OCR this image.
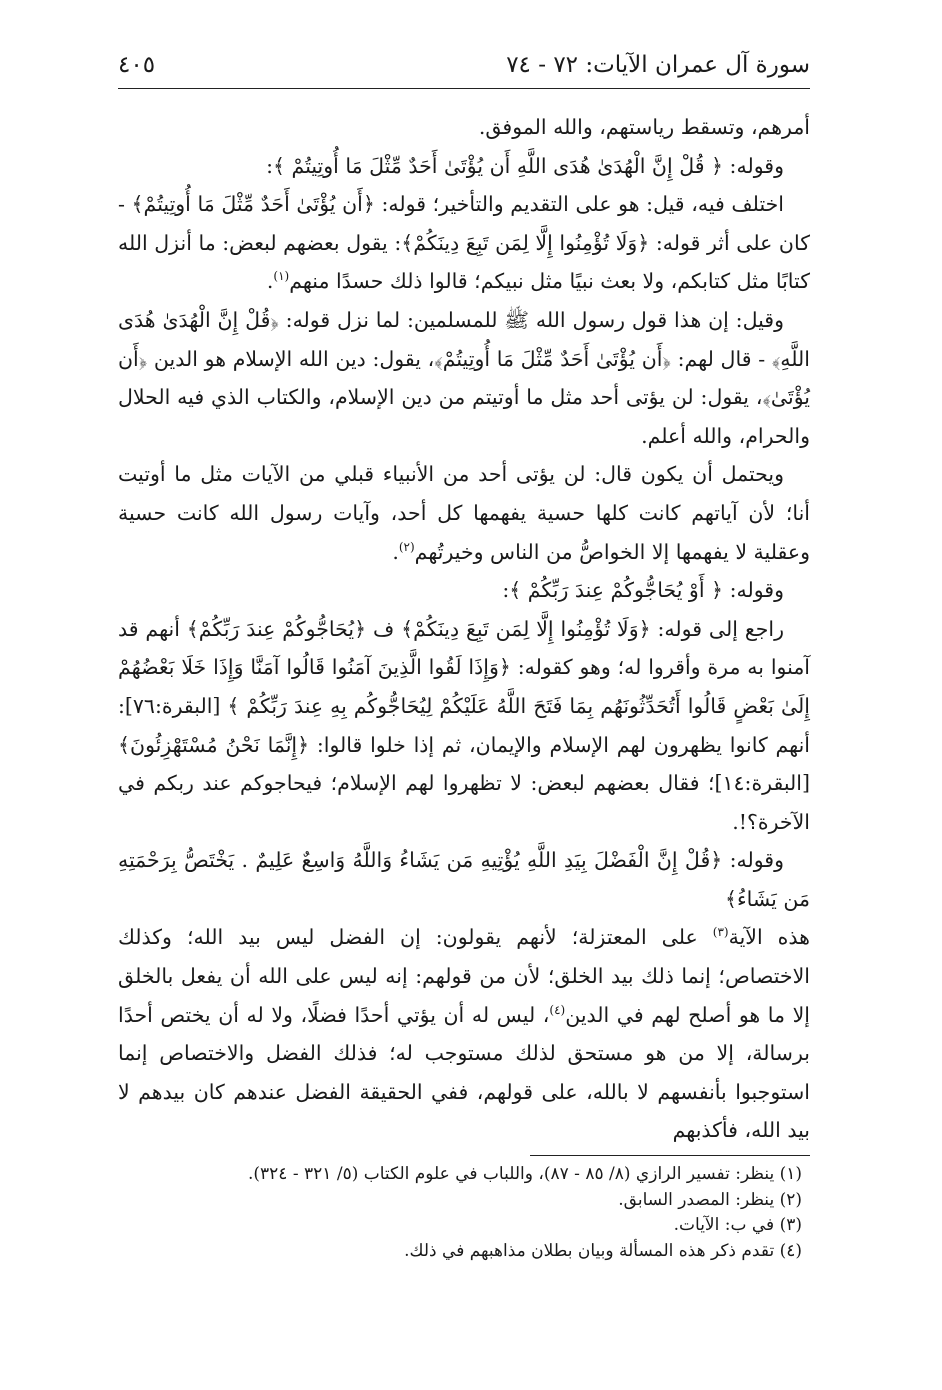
سورة آل عمران الآيات: ٧٢ - ٧٤
٤٠٥

أمرهم، وتسقط رياستهم، والله الموفق.

وقوله: ﴿ قُلْ إِنَّ الْهُدَىٰ هُدَى اللَّهِ أَن يُؤْتَىٰ أَحَدٌ مِّثْلَ مَا أُوتِيتُمْ ﴾:

اختلف فيه، قيل: هو على التقديم والتأخير؛ قوله: ﴿أَن يُؤْتَىٰ أَحَدٌ مِّثْلَ مَا أُوتِيتُمْ﴾ - كان على أثر قوله: ﴿وَلَا تُؤْمِنُوا إِلَّا لِمَن تَبِعَ دِينَكُمْ﴾: يقول بعضهم لبعض: ما أنزل الله كتابًا مثل كتابكم، ولا بعث نبيًا مثل نبيكم؛ قالوا ذلك حسدًا منهم$^{(١)}$.

وقيل: إن هذا قول رسول الله ﷺ للمسلمين: لما نزل قوله: ﴿قُلْ إِنَّ الْهُدَىٰ هُدَى اللَّهِ﴾ - قال لهم: ﴿أَن يُؤْتَىٰ أَحَدٌ مِّثْلَ مَا أُوتِيتُمْ﴾، يقول: دين الله الإسلام هو الدين ﴿أَن يُؤْتَىٰ﴾، يقول: لن يؤتى أحد مثل ما أوتيتم من دين الإسلام، والكتاب الذي فيه الحلال والحرام، والله أعلم.

ويحتمل أن يكون قال: لن يؤتى أحد من الأنبياء قبلي من الآيات مثل ما أوتيت أنا؛ لأن آياتهم كانت كلها حسية يفهمها كل أحد، وآيات رسول الله كانت حسية وعقلية لا يفهمها إلا الخواصُّ من الناس وخيرتُهم$^{(٢)}$.

وقوله: ﴿ أَوْ يُحَاجُّوكُمْ عِندَ رَبِّكُمْ ﴾:

راجع إلى قوله: ﴿وَلَا تُؤْمِنُوا إِلَّا لِمَن تَبِعَ دِينَكُمْ﴾ ف ﴿يُحَاجُّوكُمْ عِندَ رَبِّكُمْ﴾ أنهم قد آمنوا به مرة وأقروا له؛ وهو كقوله: ﴿وَإِذَا لَقُوا الَّذِينَ آمَنُوا قَالُوا آمَنَّا وَإِذَا خَلَا بَعْضُهُمْ إِلَىٰ بَعْضٍ قَالُوا أَتُحَدِّثُونَهُم بِمَا فَتَحَ اللَّهُ عَلَيْكُمْ لِيُحَاجُّوكُم بِهِ عِندَ رَبِّكُمْ ﴾ [البقرة:٧٦]: أنهم كانوا يظهرون لهم الإسلام والإيمان، ثم إذا خلوا قالوا: ﴿إِنَّمَا نَحْنُ مُسْتَهْزِئُونَ﴾[البقرة:١٤]؛ فقال بعضهم لبعض: لا تظهروا لهم الإسلام؛ فيحاجوكم عند ربكم في الآخرة؟!.

وقوله: ﴿قُلْ إِنَّ الْفَضْلَ بِيَدِ اللَّهِ يُؤْتِيهِ مَن يَشَاءُ وَاللَّهُ وَاسِعٌ عَلِيمٌ . يَخْتَصُّ بِرَحْمَتِهِ مَن يَشَاءُ﴾

هذه الآية$^{(٣)}$ على المعتزلة؛ لأنهم يقولون: إن الفضل ليس بيد الله؛ وكذلك الاختصاص؛ إنما ذلك بيد الخلق؛ لأن من قولهم: إنه ليس على الله أن يفعل بالخلق إلا ما هو أصلح لهم في الدين$^{(٤)}$، ليس له أن يؤتي أحدًا فضلًا، ولا له أن يختص أحدًا برسالة، إلا من هو مستحق لذلك مستوجب له؛ فذلك الفضل والاختصاص إنما استوجبوا بأنفسهم لا بالله، على قولهم، ففي الحقيقة الفضل عندهم كان بيدهم لا بيد الله، فأكذبهم

(١) ينظر: تفسير الرازي (٨/ ٨٥ - ٨٧)، واللباب في علوم الكتاب (٥/ ٣٢١ - ٣٢٤).

(٢) ينظر: المصدر السابق.

(٣) في ب: الآيات.

(٤) تقدم ذكر هذه المسألة وبيان بطلان مذاهبهم في ذلك.
